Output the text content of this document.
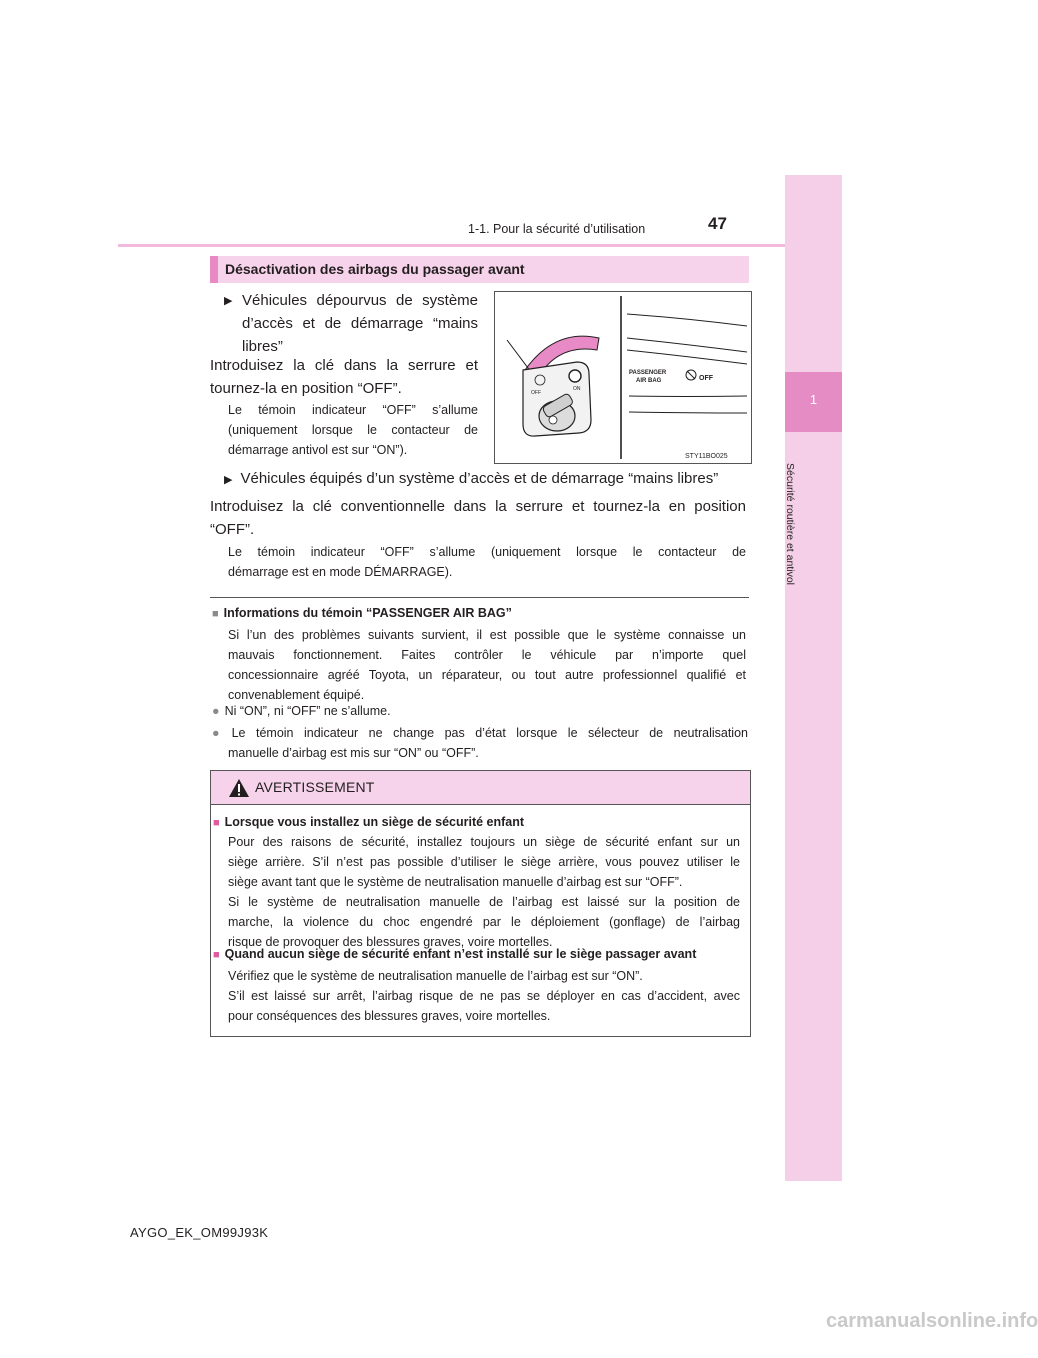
1
Sécurité routière et antivol
1-1. Pour la sécurité d’utilisation	47
Désactivation des airbags du passager avant
▶ Véhicules dépourvus de système
d’accès et de démarrage “mains
libres”
Introduisez la clé dans la serrure et
tournez-la en position “OFF”.
Le témoin indicateur “OFF” s’allume
(uniquement lorsque le contacteur de
démarrage antivol est sur “ON”).
PASSENGER
AIR BAG	OFF
OFF
ON
STY11BO025
▶ Véhicules équipés d’un système d’accès et de démarrage “mains libres”
Introduisez la clé conventionnelle dans la serrure et tournez-la en position
“OFF”.
Le témoin indicateur “OFF” s’allume (uniquement lorsque le contacteur de
démarrage est en mode DÉMARRAGE).
■ Informations du témoin “PASSENGER AIR BAG”
Si l’un des problèmes suivants survient, il est possible que le système connaisse un
mauvais fonctionnement. Faites contrôler le véhicule par n’importe quel
concessionnaire agréé Toyota, un réparateur, ou tout autre professionnel qualifié et
convenablement équipé.
● Ni “ON”, ni “OFF” ne s’allume.
● Le témoin indicateur ne change pas d’état lorsque le sélecteur de neutralisation
manuelle d’airbag est mis sur “ON” ou “OFF”.
AVERTISSEMENT
■ Lorsque vous installez un siège de sécurité enfant
Pour des raisons de sécurité, installez toujours un siège de sécurité enfant sur un
siège arrière. S’il n’est pas possible d’utiliser le siège arrière, vous pouvez utiliser le
siège avant tant que le système de neutralisation manuelle d’airbag est sur “OFF”.
Si le système de neutralisation manuelle de l’airbag est laissé sur la position de
marche, la violence du choc engendré par le déploiement (gonflage) de l’airbag
risque de provoquer des blessures graves, voire mortelles.
■ Quand aucun siège de sécurité enfant n’est installé sur le siège passager avant
Vérifiez que le système de neutralisation manuelle de l’airbag est sur “ON”.
S’il est laissé sur arrêt, l’airbag risque de ne pas se déployer en cas d’accident, avec
pour conséquences des blessures graves, voire mortelles.
AYGO_EK_OM99J93K
carmanualsonline.info
